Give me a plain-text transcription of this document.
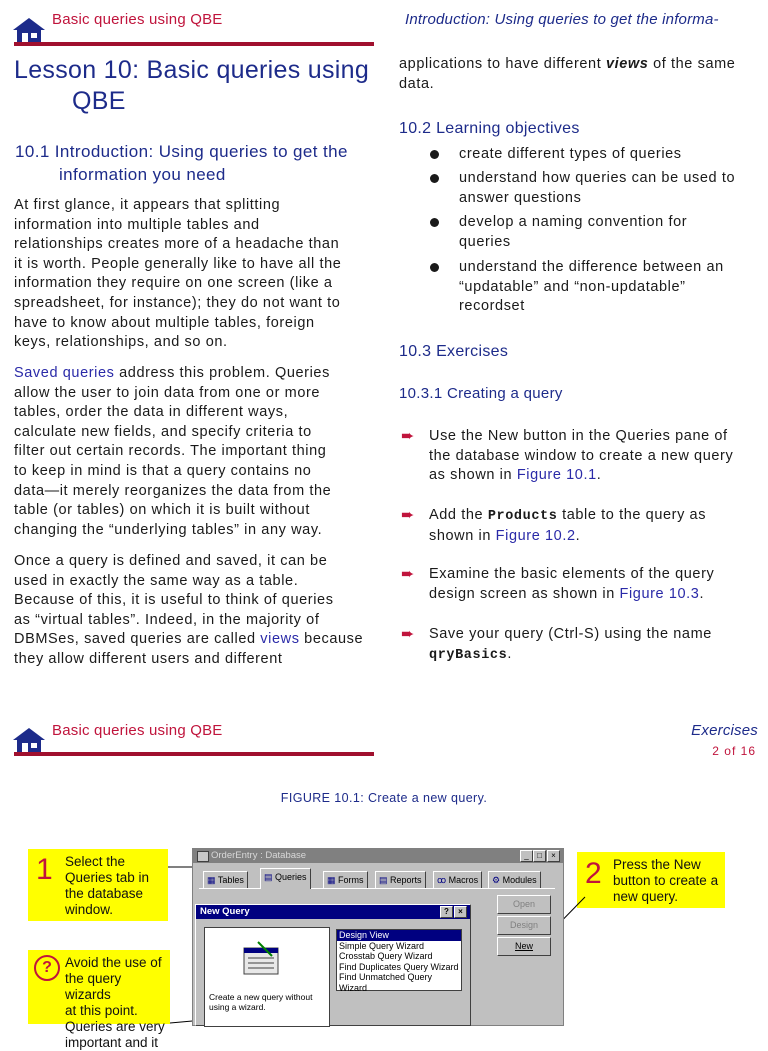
Basic queries using QBE	Introduction: Using queries to get the informa-
Lesson 10: Basic queries using
QBE
10.1 Introduction: Using queries to get the
information you need
At first glance, it appears that splitting
information into multiple tables and
relationships creates more of a headache than
it is worth. People generally like to have all the
information they require on one screen (like a
spreadsheet, for instance); they do not want to
have to know about multiple tables, foreign
keys, relationships, and so on.
Saved queries address this problem. Queries
allow the user to join data from one or more
tables, order the data in different ways,
calculate new fields, and specify criteria to
filter out certain records. The important thing
to keep in mind is that a query contains no
data—it merely reorganizes the data from the
table (or tables) on which it is built without
changing the “underlying tables” in any way.
Once a query is defined and saved, it can be
used in exactly the same way as a table.
Because of this, it is useful to think of queries
as “virtual tables”. Indeed, in the majority of
DBMSes, saved queries are called views because
they allow different users and different
applications to have different views of the same
data.
10.2 Learning objectives
create different types of queries
understand how queries can be used to
answer questions
develop a naming convention for
queries
understand the difference between an
“updatable” and “non-updatable”
recordset
10.3 Exercises
10.3.1 Creating a query
➨ Use the New button in the Queries pane of
the database window to create a new query
as shown in Figure 10.1.
➨ Add the Products table to the query as
shown in Figure 10.2.
➨ Examine the basic elements of the query
design screen as shown in Figure 10.3.
➨ Save your query (Ctrl-S) using the name
qryBasics.
Basic queries using QBE	Exercises
2 of 16
FIGURE 10.1: Create a new query.
1 Select the
Queries tab in
the database
window.
2 Press the New
button to create a
new query.
? Avoid the use of
the query wizards
at this point.
Queries are very
important and it
OrderEntry : Database	_	□	×
▦ Tables	▤ Queries	▦ Forms	▤ Reports	ꝏ Macros	⚙ Modules
Open
Design
New
New Query	?	×
Create a new query without
using a wizard.
Design View
Simple Query Wizard
Crosstab Query Wizard
Find Duplicates Query Wizard
Find Unmatched Query Wizard
